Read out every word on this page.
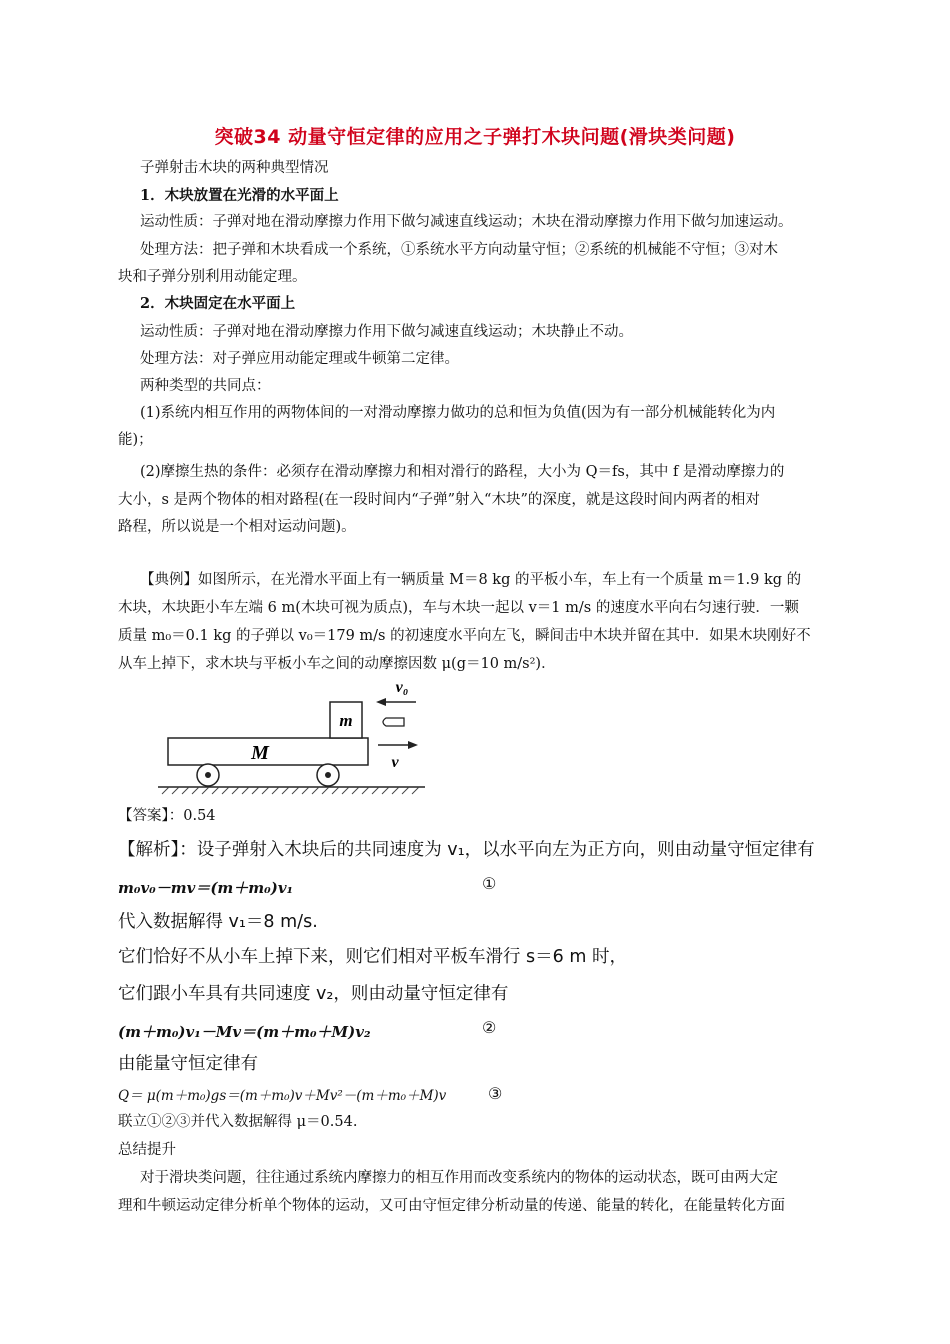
突破34 动量守恒定律的应用之子弹打木块问题(滑块类问题)
子弹射击木块的两种典型情况
1．木块放置在光滑的水平面上
运动性质：子弹对地在滑动摩擦力作用下做匀减速直线运动；木块在滑动摩擦力作用下做匀加速运动。
处理方法：把子弹和木块看成一个系统，①系统水平方向动量守恒；②系统的机械能不守恒；③对木
块和子弹分别利用动能定理。
2．木块固定在水平面上
运动性质：子弹对地在滑动摩擦力作用下做匀减速直线运动；木块静止不动。
处理方法：对子弹应用动能定理或牛顿第二定律。
两种类型的共同点：
(1)系统内相互作用的两物体间的一对滑动摩擦力做功的总和恒为负值(因为有一部分机械能转化为内
能)；
(2)摩擦生热的条件：必须存在滑动摩擦力和相对滑行的路程，大小为 Q＝fs，其中 f 是滑动摩擦力的
大小，s 是两个物体的相对路程(在一段时间内“子弹”射入“木块”的深度，就是这段时间内两者的相对
路程，所以说是一个相对运动问题)。
【典例】如图所示，在光滑水平面上有一辆质量 M＝8 kg 的平板小车，车上有一个质量 m＝1.9 kg 的
木块，木块距小车左端 6 m(木块可视为质点)，车与木块一起以 v＝1 m/s 的速度水平向右匀速行驶．一颗
质量 m₀＝0.1 kg 的子弹以 v₀＝179 m/s 的初速度水平向左飞，瞬间击中木块并留在其中．如果木块刚好不
从车上掉下，求木块与平板小车之间的动摩擦因数 μ(g＝10 m/s²)．
M
m
v₀
v
【答案】：0.54
【解析】：设子弹射入木块后的共同速度为 v₁，以水平向左为正方向，则由动量守恒定律有
m₀v₀－mv＝(m＋m₀)v₁	①
代入数据解得 v₁＝8 m/s.
它们恰好不从小车上掉下来，则它们相对平板车滑行 s＝6 m 时，
它们跟小车具有共同速度 v₂，则由动量守恒定律有
(m＋m₀)v₁－Mv＝(m＋m₀＋M)v₂	②
由能量守恒定律有
Q＝ μ(m＋m₀)gs＝(m＋m₀)v＋Mv²－(m＋m₀＋M)v	③
联立①②③并代入数据解得 μ＝0.54.
总结提升
对于滑块类问题，往往通过系统内摩擦力的相互作用而改变系统内的物体的运动状态，既可由两大定
理和牛顿运动定律分析单个物体的运动，又可由守恒定律分析动量的传递、能量的转化，在能量转化方面
